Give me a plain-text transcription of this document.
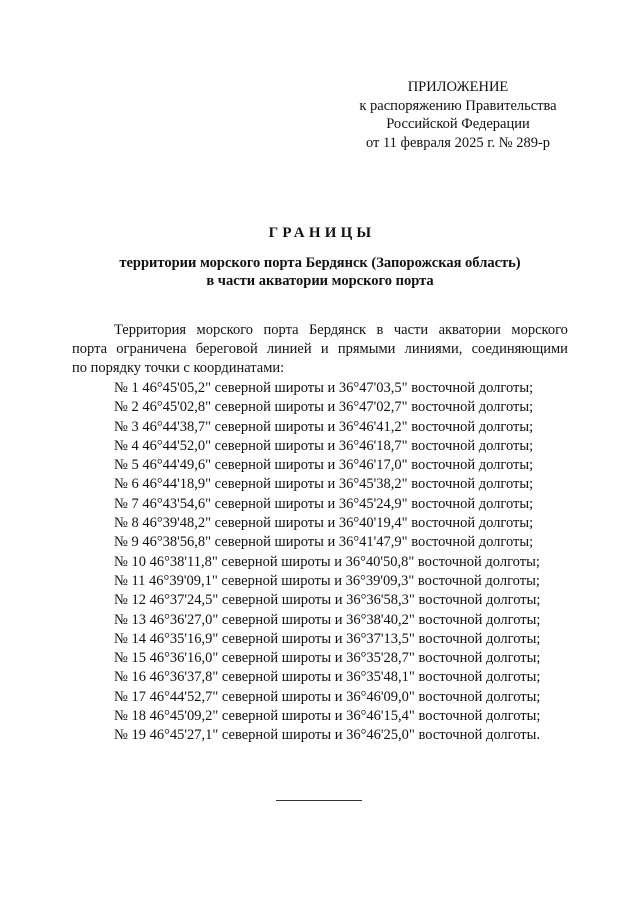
ПРИЛОЖЕНИЕ
к распоряжению Правительства
Российской Федерации
от 11 февраля 2025 г. № 289-р
ГРАНИЦЫ
территории морского порта Бердянск (Запорожская область)
в части акватории морского порта
Территория морского порта Бердянск в части акватории морского
порта ограничена береговой линией и прямыми линиями, соединяющими
по порядку точки с координатами:
№ 1 46°45'05,2" северной широты и 36°47'03,5" восточной долготы;
№ 2 46°45'02,8" северной широты и 36°47'02,7" восточной долготы;
№ 3 46°44'38,7" северной широты и 36°46'41,2" восточной долготы;
№ 4 46°44'52,0" северной широты и 36°46'18,7" восточной долготы;
№ 5 46°44'49,6" северной широты и 36°46'17,0" восточной долготы;
№ 6 46°44'18,9" северной широты и 36°45'38,2" восточной долготы;
№ 7 46°43'54,6" северной широты и 36°45'24,9" восточной долготы;
№ 8 46°39'48,2" северной широты и 36°40'19,4" восточной долготы;
№ 9 46°38'56,8" северной широты и 36°41'47,9" восточной долготы;
№ 10 46°38'11,8" северной широты и 36°40'50,8" восточной долготы;
№ 11 46°39'09,1" северной широты и 36°39'09,3" восточной долготы;
№ 12 46°37'24,5" северной широты и 36°36'58,3" восточной долготы;
№ 13 46°36'27,0" северной широты и 36°38'40,2" восточной долготы;
№ 14 46°35'16,9" северной широты и 36°37'13,5" восточной долготы;
№ 15 46°36'16,0" северной широты и 36°35'28,7" восточной долготы;
№ 16 46°36'37,8" северной широты и 36°35'48,1" восточной долготы;
№ 17 46°44'52,7" северной широты и 36°46'09,0" восточной долготы;
№ 18 46°45'09,2" северной широты и 36°46'15,4" восточной долготы;
№ 19 46°45'27,1" северной широты и 36°46'25,0" восточной долготы.
